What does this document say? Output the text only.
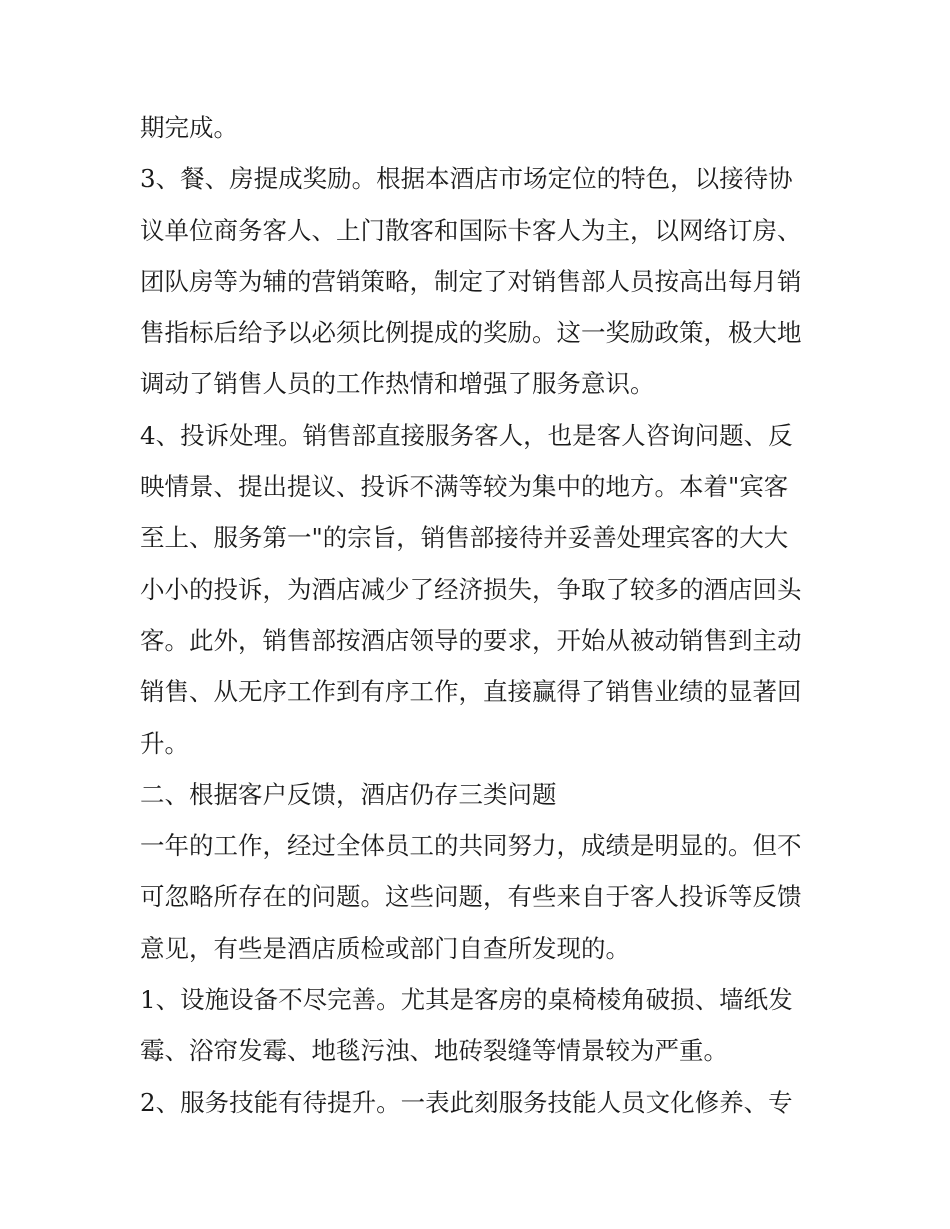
期完成。
3、餐、房提成奖励。根据本酒店市场定位的特色，以接待协
议单位商务客人、上门散客和国际卡客人为主，以网络订房、
团队房等为辅的营销策略，制定了对销售部人员按高出每月销
售指标后给予以必须比例提成的奖励。这一奖励政策，极大地
调动了销售人员的工作热情和增强了服务意识。
4、投诉处理。销售部直接服务客人，也是客人咨询问题、反
映情景、提出提议、投诉不满等较为集中的地方。本着"宾客
至上、服务第一"的宗旨，销售部接待并妥善处理宾客的大大
小小的投诉，为酒店减少了经济损失，争取了较多的酒店回头
客。此外，销售部按酒店领导的要求，开始从被动销售到主动
销售、从无序工作到有序工作，直接赢得了销售业绩的显著回
升。
二、根据客户反馈，酒店仍存三类问题
一年的工作，经过全体员工的共同努力，成绩是明显的。但不
可忽略所存在的问题。这些问题，有些来自于客人投诉等反馈
意见，有些是酒店质检或部门自查所发现的。
1、设施设备不尽完善。尤其是客房的桌椅棱角破损、墙纸发
霉、浴帘发霉、地毯污浊、地砖裂缝等情景较为严重。
2、服务技能有待提升。一表此刻服务技能人员文化修养、专
